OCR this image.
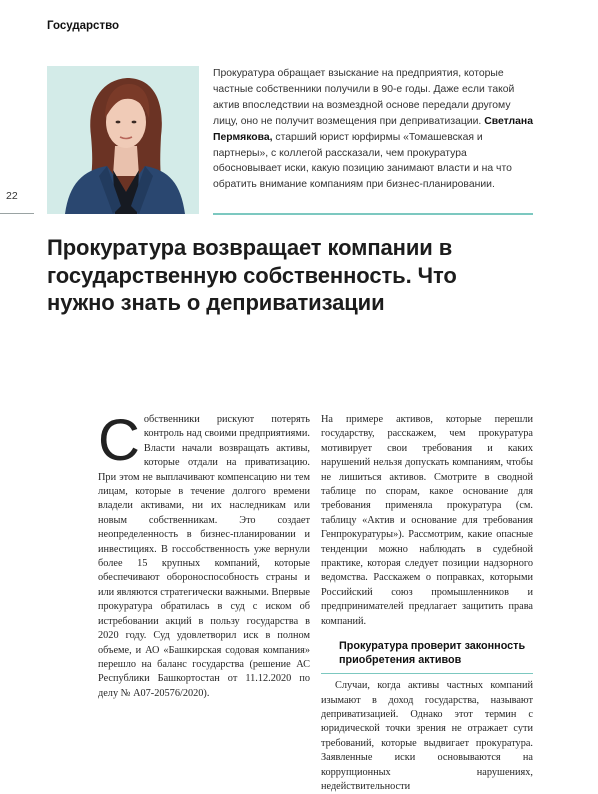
Государство
22
Прокуратура обращает взыскание на предприятия, которые частные собственники получили в 90-е годы. Даже если такой актив впоследствии на возмездной основе передали другому лицу, оно не получит возмещения при деприватизации. Светлана Пермякова, старший юрист юрфирмы «Томашевская и партнеры», с коллегой рассказали, чем прокуратура обосновывает иски, какую позицию занимают власти и на что обратить внимание компаниям при бизнес-планировании.
Прокуратура возвращает компании в государственную собственность. Что нужно знать о деприватизации
С обственники рискуют потерять контроль над своими предприятиями. Власти начали возвращать активы, которые отдали на приватизацию. При этом не выплачивают компенсацию ни тем лицам, которые в течение долгого времени владели активами, ни их наследникам или новым собственникам. Это создает неопределенность в бизнес-планировании и инвестициях. В госсобственность уже вернули более 15 крупных компаний, которые обеспечивают обороноспособность страны и или являются стратегически важными. Впервые прокуратура обратилась в суд с иском об истребовании акций в пользу государства в 2020 году. Суд удовлетворил иск в полном объеме, и АО «Башкирская содовая компания» перешло на баланс государства (решение АС Республики Башкортостан от 11.12.2020 по делу № А07-20576/2020).

На примере активов, которые перешли государству, расскажем, чем прокуратура мотивирует свои требования и каких нарушений нельзя допускать компаниям, чтобы не лишиться активов. Смотрите в сводной таблице по спорам, какое основание для требования применяла прокуратура (см. таблицу «Актив и основание для требования Генпрокуратуры»). Рассмотрим, какие опасные тенденции можно наблюдать в судебной практике, которая следует позиции надзорного ведомства. Расскажем о поправках, которыми Российский союз промышленников и предпринимателей предлагает защитить права компаний.

Прокуратура проверит законность приобретения активов

Случаи, когда активы частных компаний изымают в доход государства, называют деприватизацией. Однако этот термин с юридической точки зрения не отражает сути требований, которые выдвигает прокуратура. Заявленные иски основываются на коррупционных нарушениях, недействительности
